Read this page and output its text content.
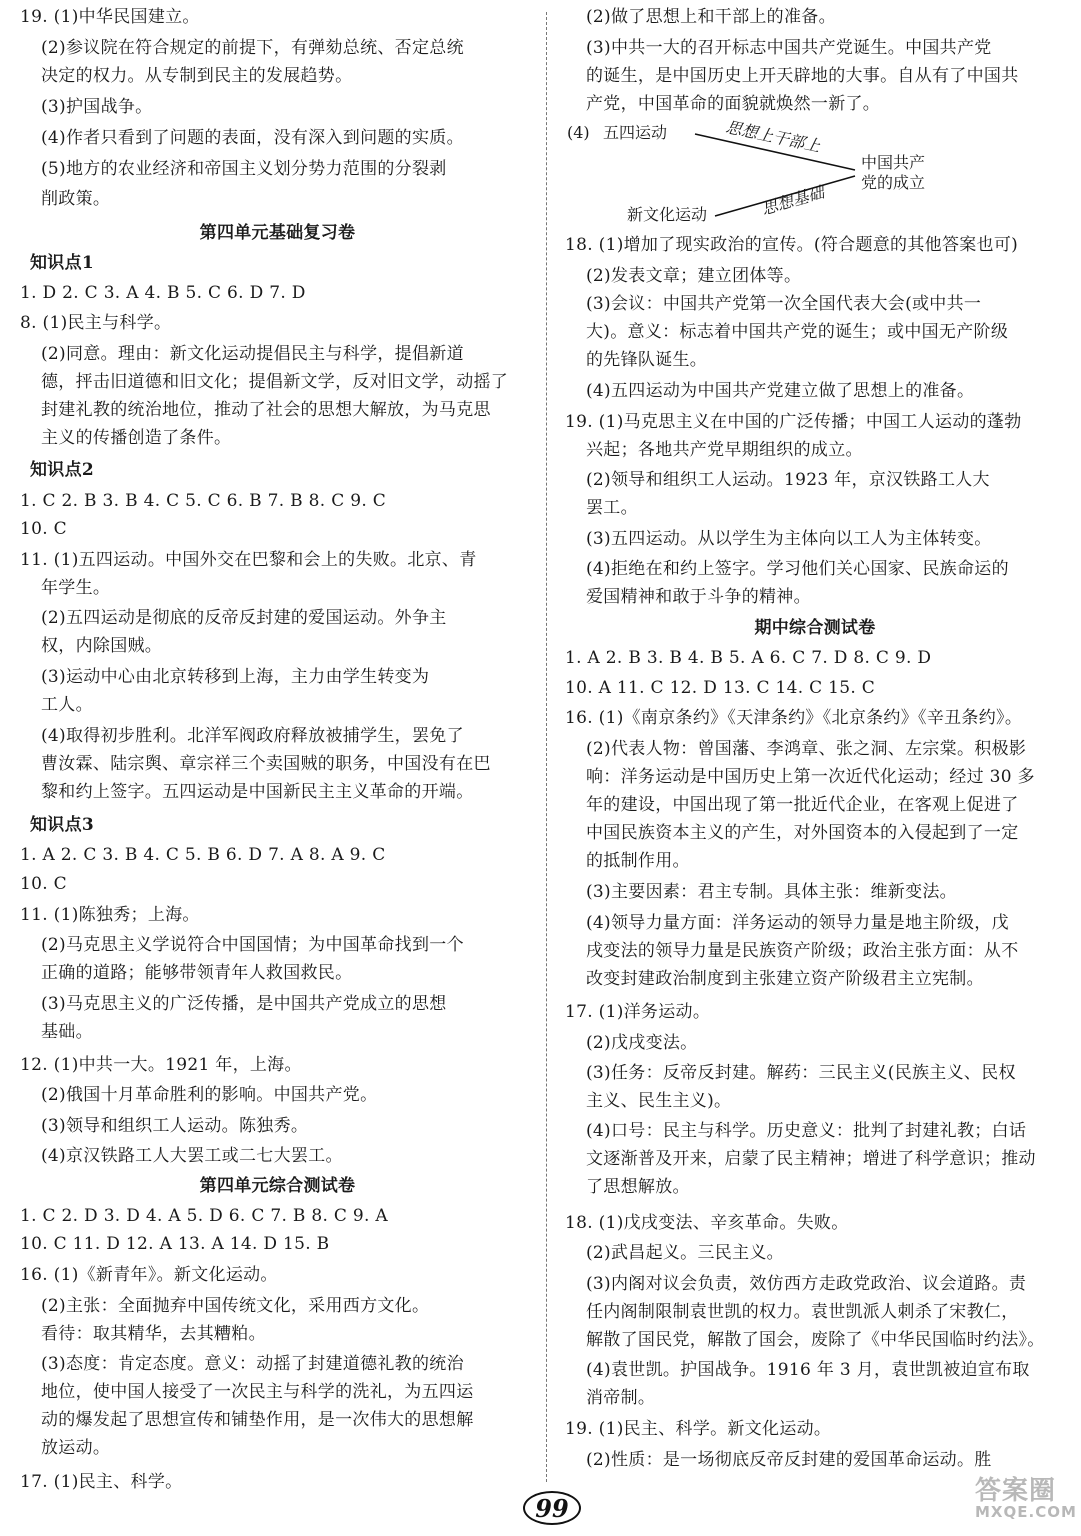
19. (1)中华民国建立。
(2)参议院在符合规定的前提下，有弹劾总统、否定总统
决定的权力。从专制到民主的发展趋势。
(3)护国战争。
(4)作者只看到了问题的表面，没有深入到问题的实质。
(5)地方的农业经济和帝国主义划分势力范围的分裂剥
削政策。
第四单元基础复习卷
知识点1
1. D 2. C 3. A 4. B 5. C 6. D 7. D
8. (1)民主与科学。
(2)同意。理由：新文化运动提倡民主与科学，提倡新道
德，抨击旧道德和旧文化；提倡新文学，反对旧文学，动摇了
封建礼教的统治地位，推动了社会的思想大解放，为马克思
主义的传播创造了条件。
知识点2
1. C 2. B 3. B 4. C 5. C 6. B 7. B 8. C 9. C
10. C
11. (1)五四运动。中国外交在巴黎和会上的失败。北京、青
年学生。
(2)五四运动是彻底的反帝反封建的爱国运动。外争主
权，内除国贼。
(3)运动中心由北京转移到上海，主力由学生转变为
工人。
(4)取得初步胜利。北洋军阀政府释放被捕学生，罢免了
曹汝霖、陆宗舆、章宗祥三个卖国贼的职务，中国没有在巴
黎和约上签字。五四运动是中国新民主主义革命的开端。
知识点3
1. A 2. C 3. B 4. C 5. B 6. D 7. A 8. A 9. C
10. C
11. (1)陈独秀；上海。
(2)马克思主义学说符合中国国情；为中国革命找到一个
正确的道路；能够带领青年人救国救民。
(3)马克思主义的广泛传播，是中国共产党成立的思想
基础。
12. (1)中共一大。1921 年，上海。
(2)俄国十月革命胜利的影响。中国共产党。
(3)领导和组织工人运动。陈独秀。
(4)京汉铁路工人大罢工或二七大罢工。
第四单元综合测试卷
1. C 2. D 3. D 4. A 5. D 6. C 7. B 8. C 9. A
10. C 11. D 12. A 13. A 14. D 15. B
16. (1)《新青年》。新文化运动。
(2)主张：全面抛弃中国传统文化，采用西方文化。
看待：取其精华，去其糟粕。
(3)态度：肯定态度。意义：动摇了封建道德礼教的统治
地位，使中国人接受了一次民主与科学的洗礼，为五四运
动的爆发起了思想宣传和铺垫作用，是一次伟大的思想解
放运动。
17. (1)民主、科学。
(2)做了思想上和干部上的准备。
(3)中共一大的召开标志中国共产党诞生。中国共产党
的诞生，是中国历史上开天辟地的大事。自从有了中国共
产党，中国革命的面貌就焕然一新了。
18. (1)增加了现实政治的宣传。(符合题意的其他答案也可)
(2)发表文章；建立团体等。
(3)会议：中国共产党第一次全国代表大会(或中共一
大)。意义：标志着中国共产党的诞生；或中国无产阶级
的先锋队诞生。
(4)五四运动为中国共产党建立做了思想上的准备。
19. (1)马克思主义在中国的广泛传播；中国工人运动的蓬勃
兴起；各地共产党早期组织的成立。
(2)领导和组织工人运动。1923 年，京汉铁路工人大
罢工。
(3)五四运动。从以学生为主体向以工人为主体转变。
(4)拒绝在和约上签字。学习他们关心国家、民族命运的
爱国精神和敢于斗争的精神。
期中综合测试卷
1. A 2. B 3. B 4. B 5. A 6. C 7. D 8. C 9. D
10. A 11. C 12. D 13. C 14. C 15. C
16. (1)《南京条约》《天津条约》《北京条约》《辛丑条约》。
(2)代表人物：曾国藩、李鸿章、张之洞、左宗棠。积极影
响：洋务运动是中国历史上第一次近代化运动；经过 30 多
年的建设，中国出现了第一批近代企业，在客观上促进了
中国民族资本主义的产生，对外国资本的入侵起到了一定
的抵制作用。
(3)主要因素：君主专制。具体主张：维新变法。
(4)领导力量方面：洋务运动的领导力量是地主阶级，戊
戌变法的领导力量是民族资产阶级；政治主张方面：从不
改变封建政治制度到主张建立资产阶级君主立宪制。
17. (1)洋务运动。
(2)戊戌变法。
(3)任务：反帝反封建。解药：三民主义(民族主义、民权
主义、民生主义)。
(4)口号：民主与科学。历史意义：批判了封建礼教；白话
文逐渐普及开来，启蒙了民主精神；增进了科学意识；推动
了思想解放。
18. (1)戊戌变法、辛亥革命。失败。
(2)武昌起义。三民主义。
(3)内阁对议会负责，效仿西方走政党政治、议会道路。责
任内阁制限制袁世凯的权力。袁世凯派人刺杀了宋教仁，
解散了国民党，解散了国会，废除了《中华民国临时约法》。
(4)袁世凯。护国战争。1916 年 3 月，袁世凯被迫宣布取
消帝制。
19. (1)民主、科学。新文化运动。
(2)性质：是一场彻底反帝反封建的爱国革命运动。胜
(4) 五四运动
新文化运动
思想上干部上
思想基础
中国共产
党的成立
99
答案圈
MXQE.COM
